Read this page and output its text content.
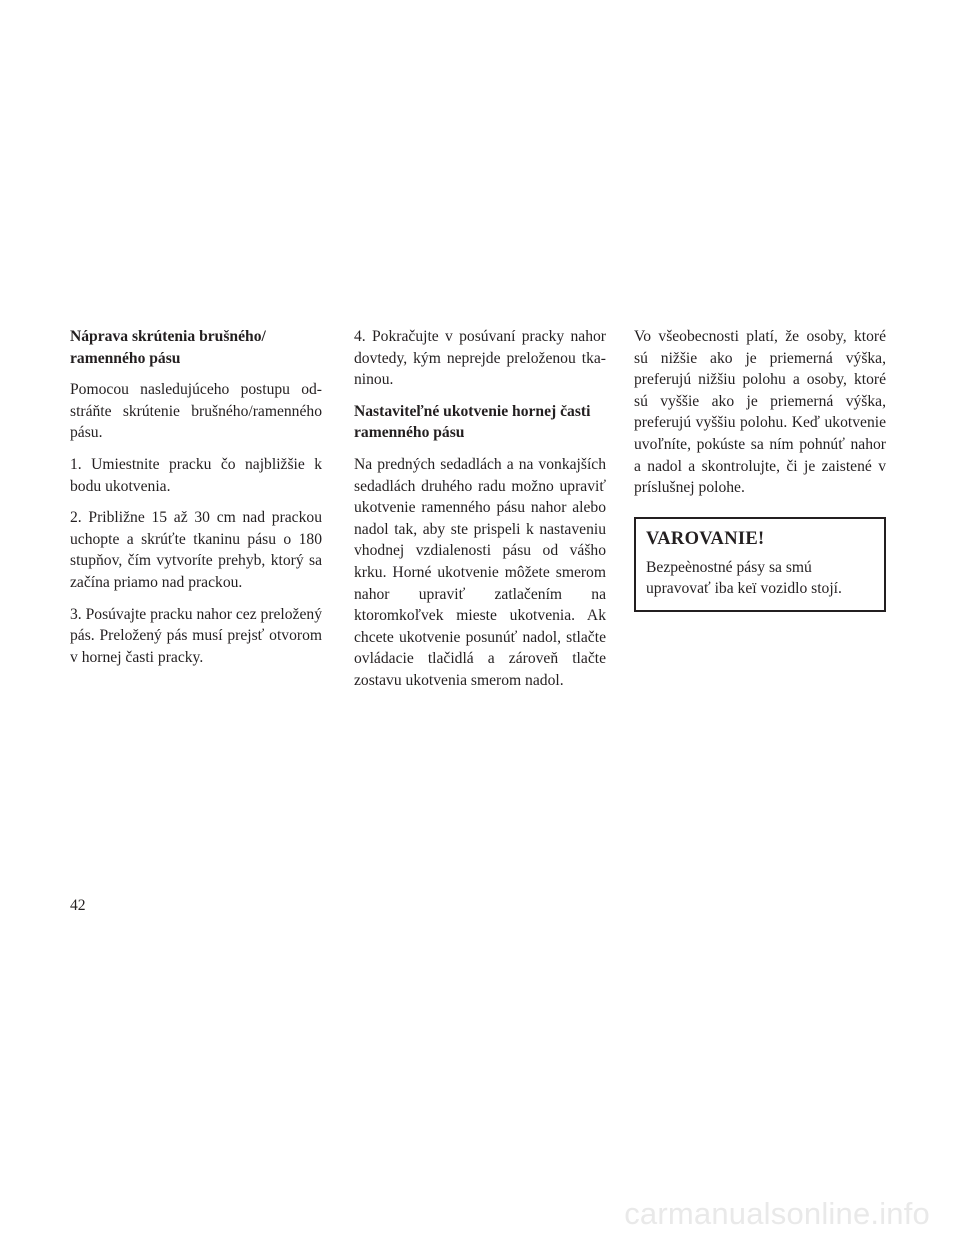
Náprava skrútenia brušného/ ramenného pásu

Pomocou nasledujúceho postupu odstráňte skrútenie brušného/ramenného pásu.

1. Umiestnite pracku čo najbližšie k bodu ukotvenia.

2. Približne 15 až 30 cm nad prackou uchopte a skrúťte tkaninu pásu o 180 stupňov, čím vytvoríte prehyb, ktorý sa začína priamo nad prackou.

3. Posúvajte pracku nahor cez preložený pás. Preložený pás musí prejsť otvorom v hornej časti pracky.

4. Pokračujte v posúvaní pracky nahor dovtedy, kým neprejde preloženou tkaninou.

Nastaviteľné ukotvenie hornej časti ramenného pásu

Na predných sedadlách a na vonkajších sedadlách druhého radu možno upraviť ukotvenie ramenného pásu nahor alebo nadol tak, aby ste prispeli k nastaveniu vhodnej vzdialenosti pásu od vášho krku. Horné ukotvenie môžete smerom nahor upraviť zatlačením na ktoromkoľvek mieste ukotvenia. Ak chcete ukotvenie posunúť nadol, stlačte ovládacie tlačidlá a zároveň tlačte zostavu ukotvenia smerom nadol.

Vo všeobecnosti platí, že osoby, ktoré sú nižšie ako je priemerná výška, preferujú nižšiu polohu a osoby, ktoré sú vyššie ako je priemerná výška, preferujú vyššiu polohu. Keď ukotvenie uvoľníte, pokúste sa ním pohnúť nahor a nadol a skontrolujte, či je zaistené v príslušnej polohe.

VAROVANIE!

Bezpeènostné pásy sa smú upravovať iba keï vozidlo stojí.

42
carmanualsonline.info
